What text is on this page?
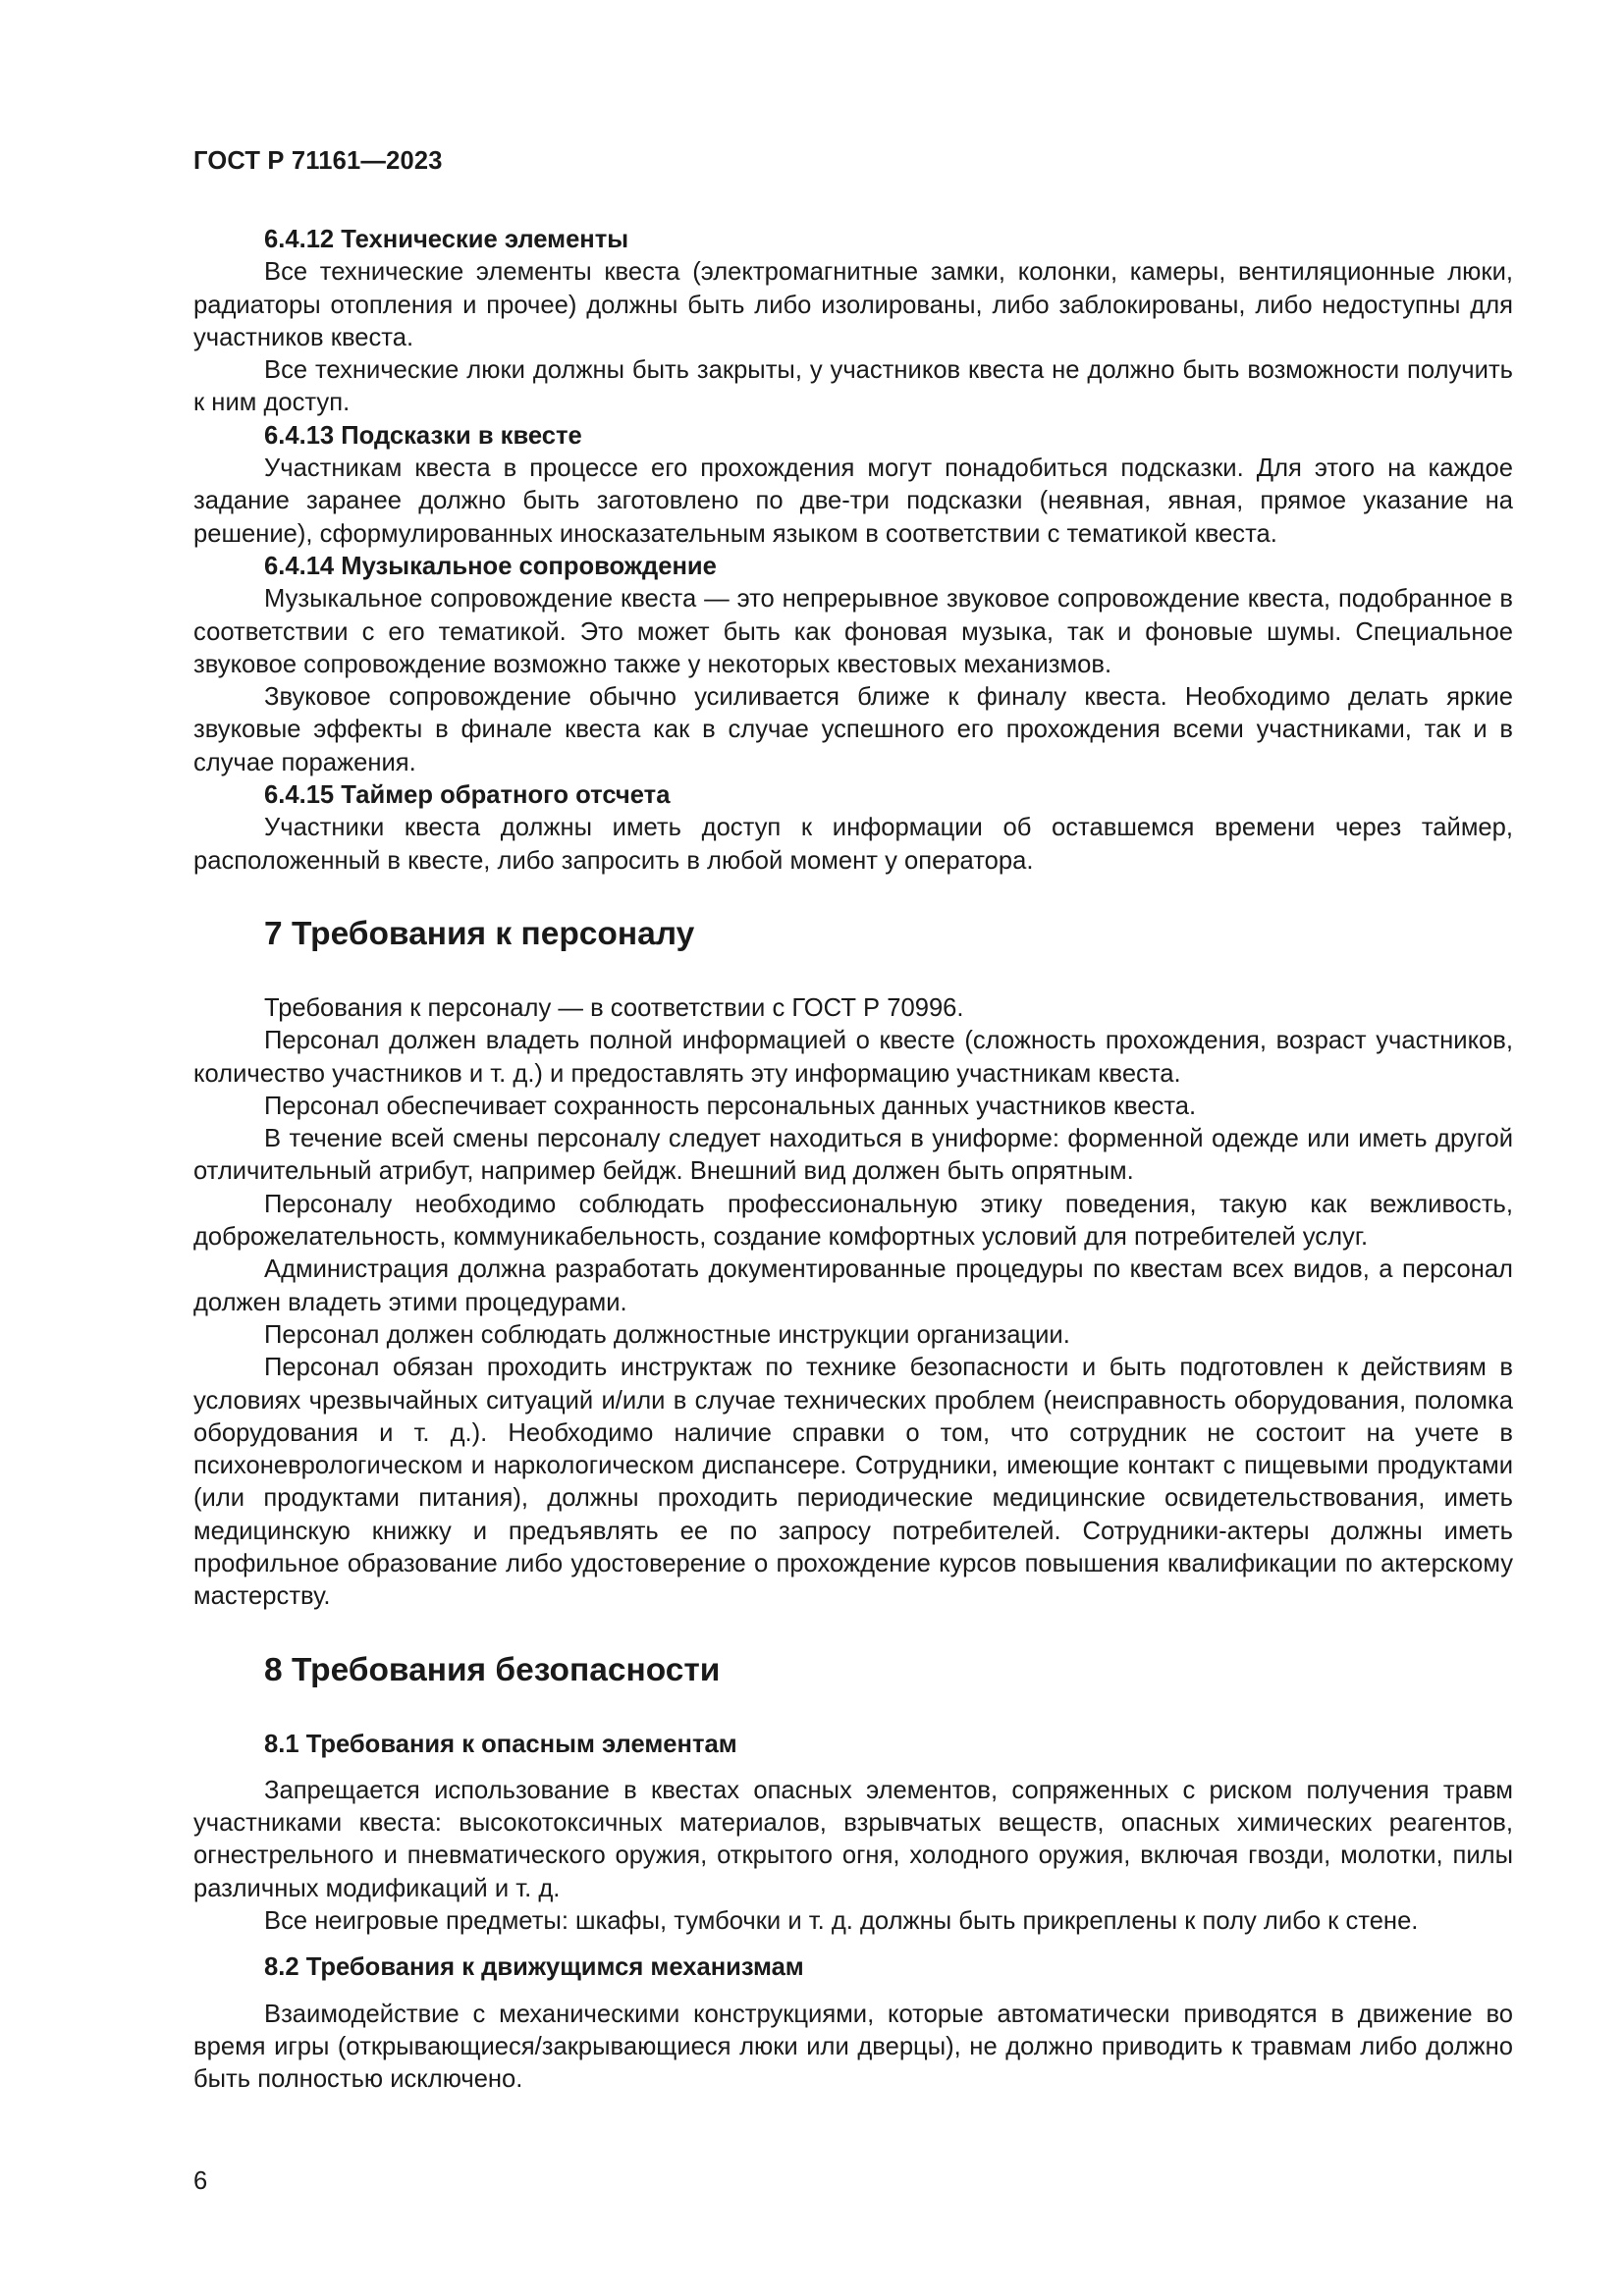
ГОСТ Р 71161—2023

6.4.12 Технические элементы

Все технические элементы квеста (электромагнитные замки, колонки, камеры, вентиляционные люки, радиаторы отопления и прочее) должны быть либо изолированы, либо заблокированы, либо недоступны для участников квеста.

Все технические люки должны быть закрыты, у участников квеста не должно быть возможности получить к ним доступ.

6.4.13 Подсказки в квесте

Участникам квеста в процессе его прохождения могут понадобиться подсказки. Для этого на каждое задание заранее должно быть заготовлено по две-три подсказки (неявная, явная, прямое указание на решение), сформулированных иносказательным языком в соответствии с тематикой квеста.

6.4.14 Музыкальное сопровождение

Музыкальное сопровождение квеста — это непрерывное звуковое сопровождение квеста, подобранное в соответствии с его тематикой. Это может быть как фоновая музыка, так и фоновые шумы. Специальное звуковое сопровождение возможно также у некоторых квестовых механизмов.

Звуковое сопровождение обычно усиливается ближе к финалу квеста. Необходимо делать яркие звуковые эффекты в финале квеста как в случае успешного его прохождения всеми участниками, так и в случае поражения.

6.4.15 Таймер обратного отсчета

Участники квеста должны иметь доступ к информации об оставшемся времени через таймер, расположенный в квесте, либо запросить в любой момент у оператора.

7 Требования к персоналу

Требования к персоналу — в соответствии с ГОСТ Р 70996.

Персонал должен владеть полной информацией о квесте (сложность прохождения, возраст участников, количество участников и т. д.) и предоставлять эту информацию участникам квеста.

Персонал обеспечивает сохранность персональных данных участников квеста.

В течение всей смены персоналу следует находиться в униформе: форменной одежде или иметь другой отличительный атрибут, например бейдж. Внешний вид должен быть опрятным.

Персоналу необходимо соблюдать профессиональную этику поведения, такую как вежливость, доброжелательность, коммуникабельность, создание комфортных условий для потребителей услуг.

Администрация должна разработать документированные процедуры по квестам всех видов, а персонал должен владеть этими процедурами.

Персонал должен соблюдать должностные инструкции организации.

Персонал обязан проходить инструктаж по технике безопасности и быть подготовлен к действиям в условиях чрезвычайных ситуаций и/или в случае технических проблем (неисправность оборудования, поломка оборудования и т. д.). Необходимо наличие справки о том, что сотрудник не состоит на учете в психоневрологическом и наркологическом диспансере. Сотрудники, имеющие контакт с пищевыми продуктами (или продуктами питания), должны проходить периодические медицинские освидетельствования, иметь медицинскую книжку и предъявлять ее по запросу потребителей. Сотрудники-актеры должны иметь профильное образование либо удостоверение о прохождение курсов повышения квалификации по актерскому мастерству.

8 Требования безопасности

8.1 Требования к опасным элементам

Запрещается использование в квестах опасных элементов, сопряженных с риском получения травм участниками квеста: высокотоксичных материалов, взрывчатых веществ, опасных химических реагентов, огнестрельного и пневматического оружия, открытого огня, холодного оружия, включая гвозди, молотки, пилы различных модификаций и т. д.

Все неигровые предметы: шкафы, тумбочки и т. д. должны быть прикреплены к полу либо к стене.

8.2 Требования к движущимся механизмам

Взаимодействие с механическими конструкциями, которые автоматически приводятся в движение во время игры (открывающиеся/закрывающиеся люки или дверцы), не должно приводить к травмам либо должно быть полностью исключено.

6
